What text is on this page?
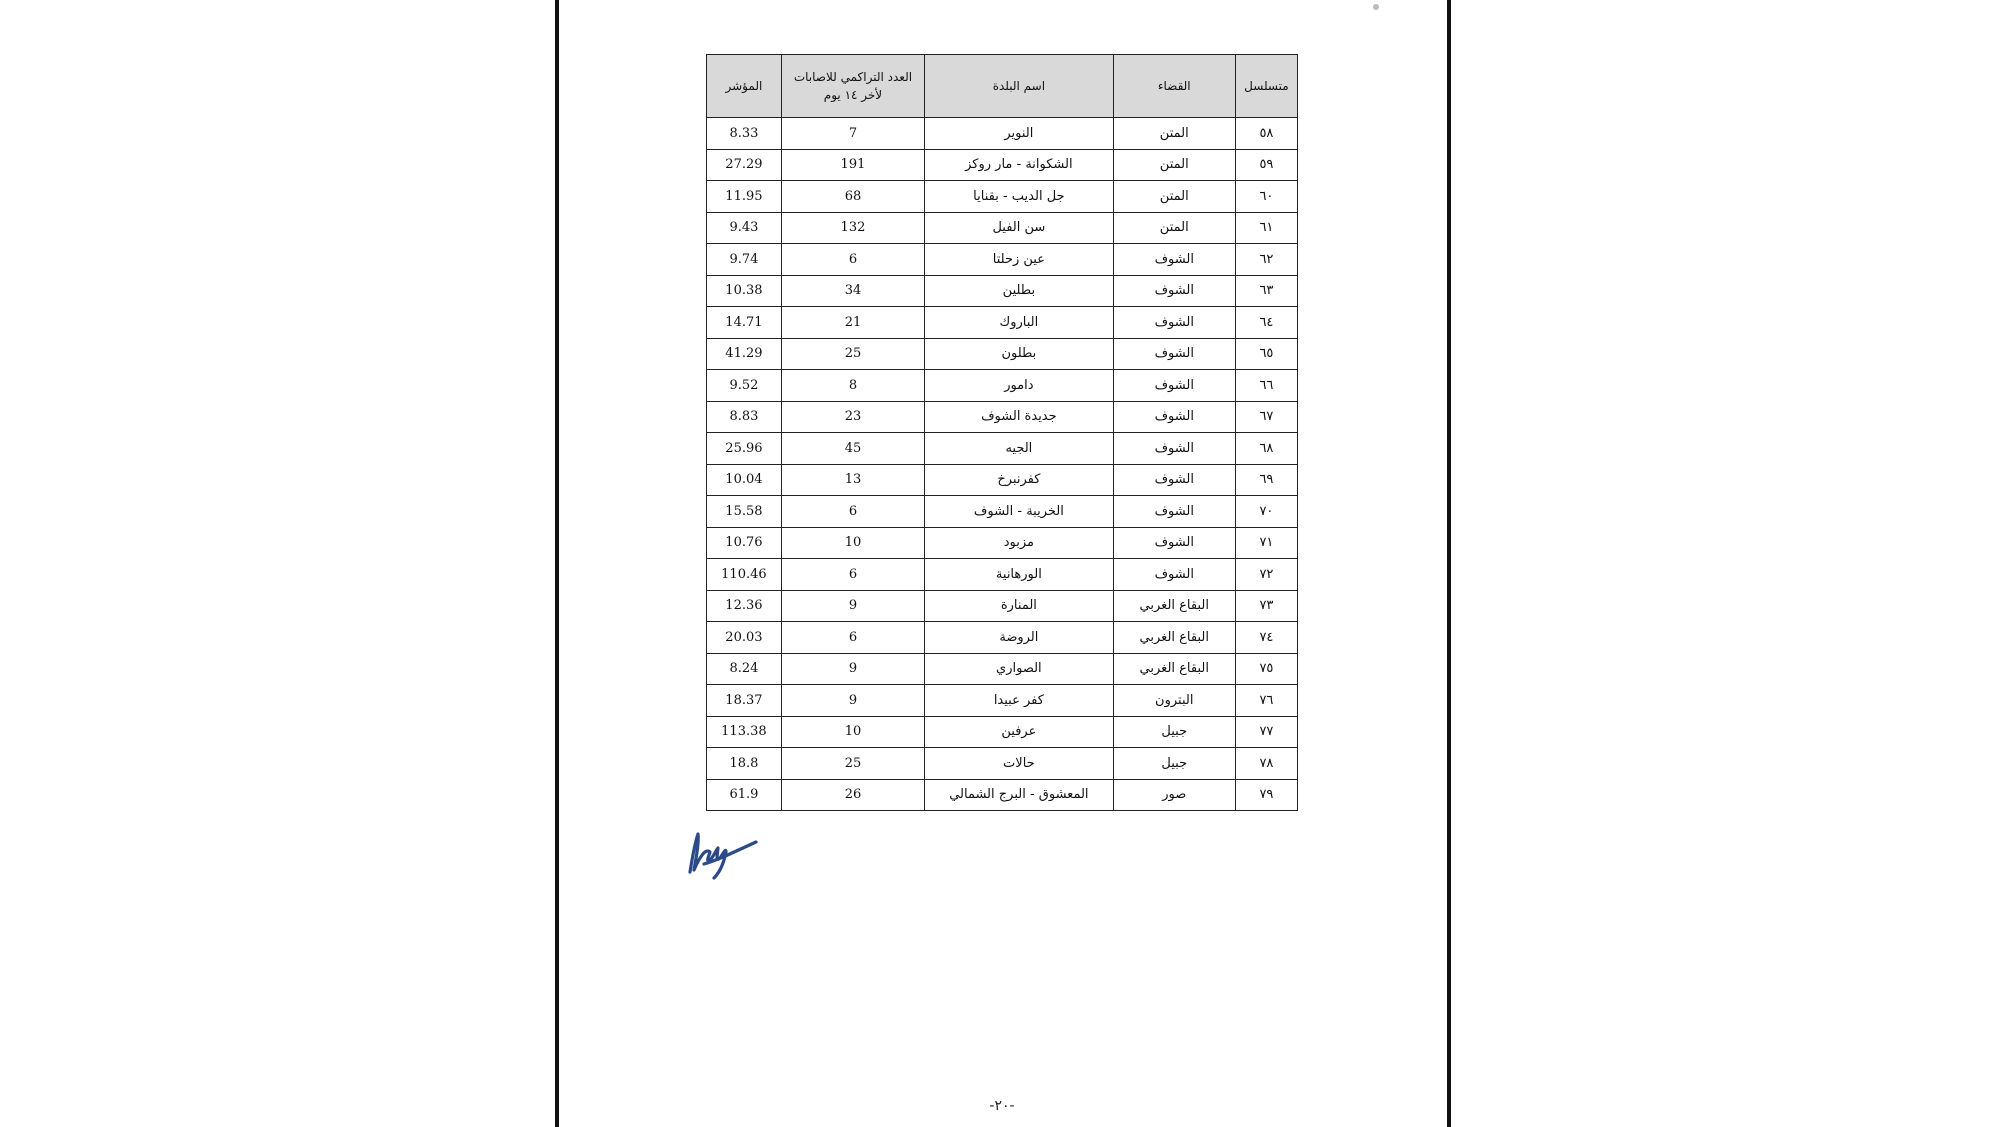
متسلسل	القضاء	اسم البلدة	العدد التراكمي للاصابات
لأخر ١٤ يوم	المؤشر
٥٨	المتن	النوير	7	8.33
٥٩	المتن	الشكوانة - مار روكز	191	27.29
٦٠	المتن	جل الديب - بقنايا	68	11.95
٦١	المتن	سن الفيل	132	9.43
٦٢	الشوف	عين زحلتا	6	9.74
٦٣	الشوف	بطلين	34	10.38
٦٤	الشوف	الباروك	21	14.71
٦٥	الشوف	بطلون	25	41.29
٦٦	الشوف	دامور	8	9.52
٦٧	الشوف	جديدة الشوف	23	8.83
٦٨	الشوف	الجيه	45	25.96
٦٩	الشوف	كفرنبرخ	13	10.04
٧٠	الشوف	الخريبة - الشوف	6	15.58
٧١	الشوف	مزبود	10	10.76
٧٢	الشوف	الورهانية	6	110.46
٧٣	البقاع الغربي	المنارة	9	12.36
٧٤	البقاع الغربي	الروضة	6	20.03
٧٥	البقاع الغربي	الصواري	9	8.24
٧٦	البترون	كفر عبيدا	9	18.37
٧٧	جبيل	عرفين	10	113.38
٧٨	جبيل	حالات	25	18.8
٧٩	صور	المعشوق - البرج الشمالي	26	61.9
-٢٠-
